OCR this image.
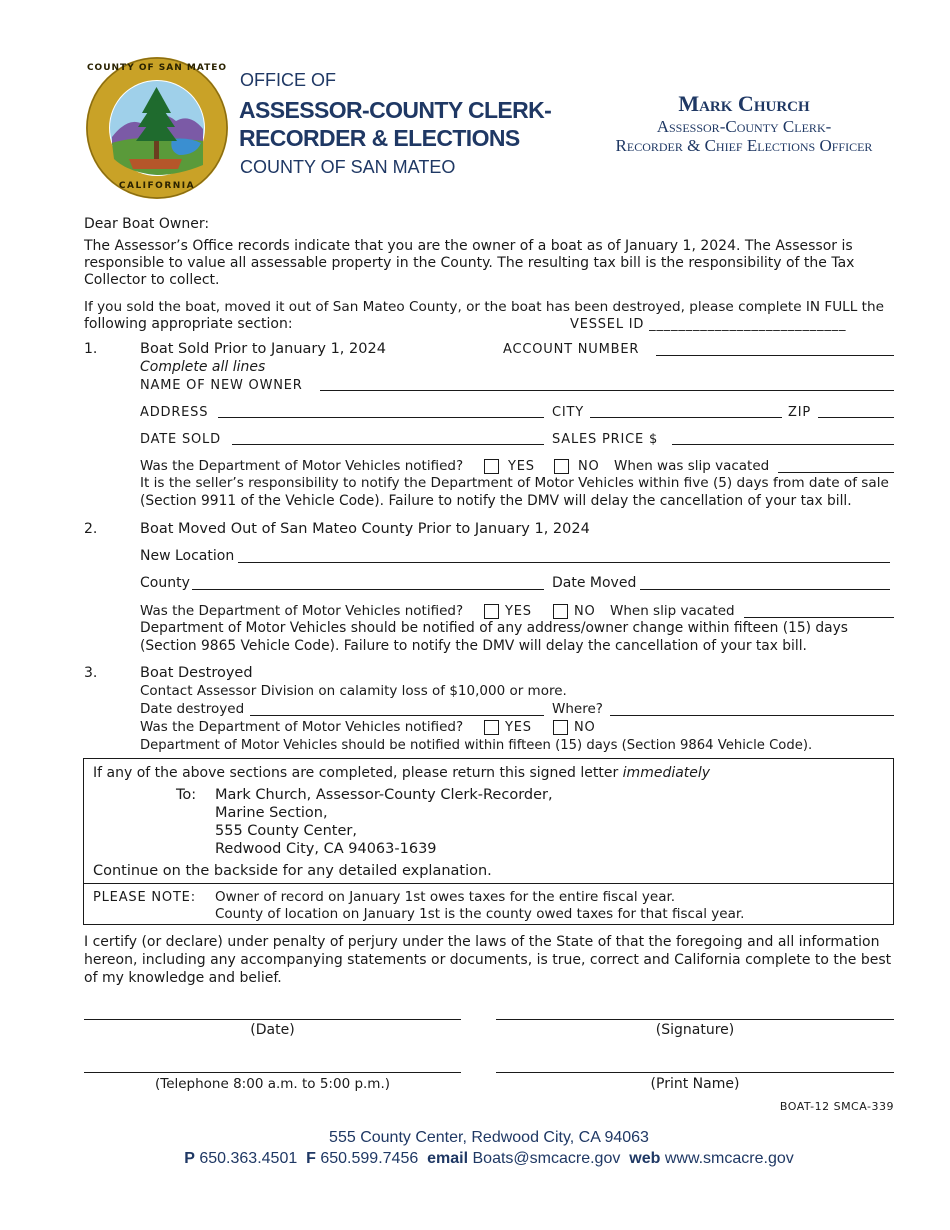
COUNTY OF SAN MATEO
CALIFORNIA
OFFICE OF
ASSESSOR-COUNTY CLERK-
RECORDER & ELECTIONS
COUNTY OF SAN MATEO
Mark Church
Assessor-County Clerk-
Recorder & Chief Elections Officer
Dear Boat Owner:
The Assessor’s Office records indicate that you are the owner of a boat as of January 1, 2024. The Assessor is responsible to value all assessable property in the County. The resulting tax bill is the responsibility of the Tax Collector to collect.
If you sold the boat, moved it out of San Mateo County, or the boat has been destroyed, please complete IN FULL the
following appropriate section:	VESSEL ID ___________________________
1.	Boat Sold Prior to January 1, 2024	ACCOUNT NUMBER
Complete all lines
NAME OF NEW OWNER
ADDRESS	CITY	ZIP
DATE SOLD	SALES PRICE $
Was the Department of Motor Vehicles notified?	YES	NO When was slip vacated
It is the seller’s responsibility to notify the Department of Motor Vehicles within five (5) days from date of sale
(Section 9911 of the Vehicle Code). Failure to notify the DMV will delay the cancellation of your tax bill.
2.	Boat Moved Out of San Mateo County Prior to January 1, 2024
New Location
County	Date Moved
Was the Department of Motor Vehicles notified?	YES	NO When slip vacated
Department of Motor Vehicles should be notified of any address/owner change within fifteen (15) days
(Section 9865 Vehicle Code). Failure to notify the DMV will delay the cancellation of your tax bill.
3.	Boat Destroyed
Contact Assessor Division on calamity loss of $10,000 or more.
Date destroyed	Where?
Was the Department of Motor Vehicles notified?	YES	NO
Department of Motor Vehicles should be notified within fifteen (15) days (Section 9864 Vehicle Code).
If any of the above sections are completed, please return this signed letter immediately
To: Mark Church, Assessor-County Clerk-Recorder,
Marine Section,
555 County Center,
Redwood City, CA 94063-1639
Continue on the backside for any detailed explanation.
PLEASE NOTE: Owner of record on January 1st owes taxes for the entire fiscal year.
County of location on January 1st is the county owed taxes for that fiscal year.
I certify (or declare) under penalty of perjury under the laws of the State of that the foregoing and all information hereon, including any accompanying statements or documents, is true, correct and California complete to the best of my knowledge and belief.
(Date)	(Signature)
(Telephone 8:00 a.m. to 5:00 p.m.)	(Print Name)
BOAT-12 SMCA-339
555 County Center, Redwood City, CA 94063
P 650.363.4501 F 650.599.7456 email Boats@smcacre.gov web www.smcacre.gov
